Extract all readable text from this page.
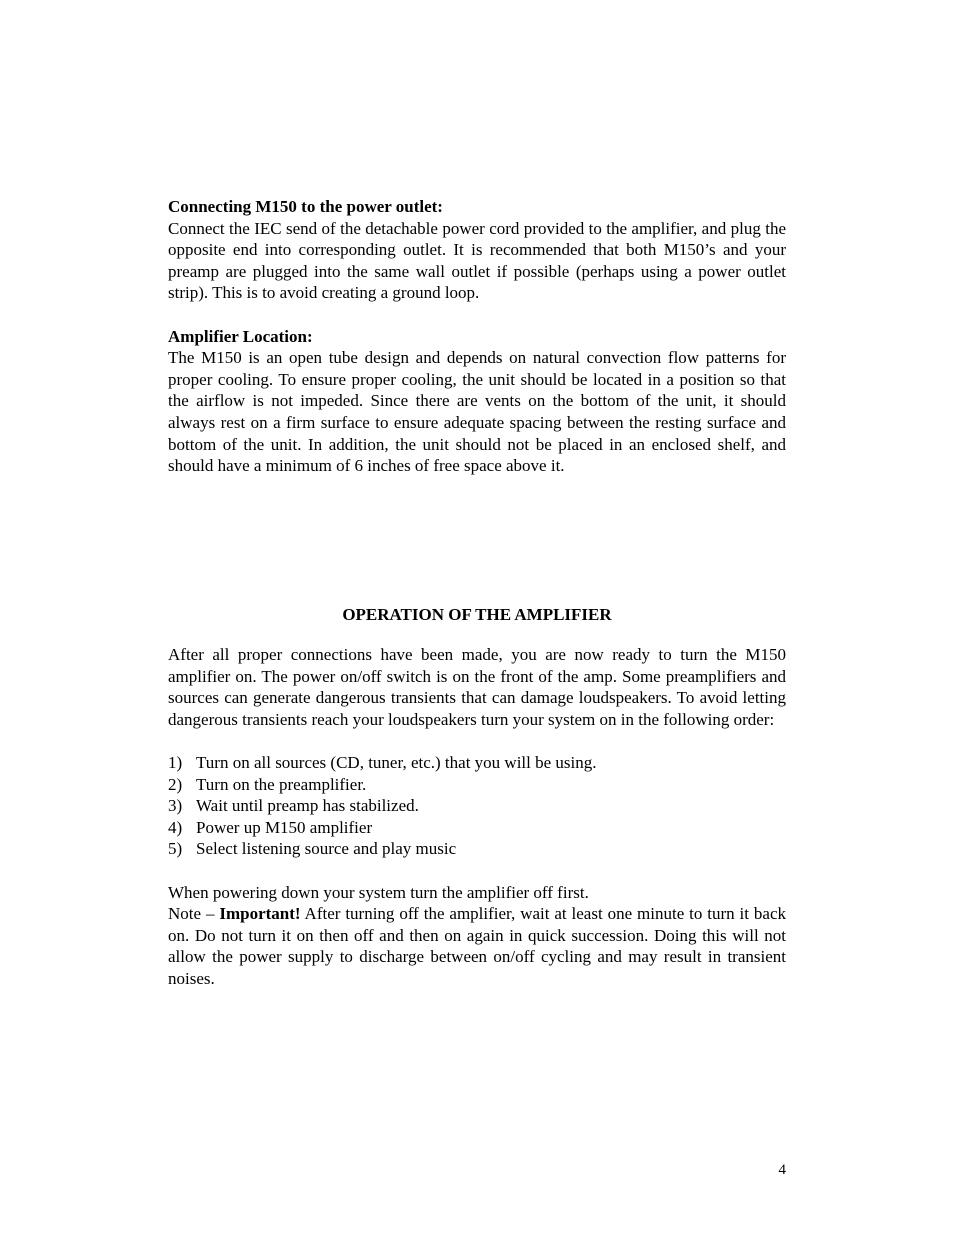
Connecting M150 to the power outlet:

Connect the IEC send of the detachable power cord provided to the amplifier, and plug the opposite end into corresponding outlet. It is recommended that both M150’s and your preamp are plugged into the same wall outlet if possible (perhaps using a power outlet strip). This is to avoid creating a ground loop.

Amplifier Location:

The M150 is an open tube design and depends on natural convection flow patterns for proper cooling. To ensure proper cooling, the unit should be located in a position so that the airflow is not impeded. Since there are vents on the bottom of the unit, it should always rest on a firm surface to ensure adequate spacing between the resting surface and bottom of the unit. In addition, the unit should not be placed in an enclosed shelf, and should have a minimum of 6 inches of free space above it.

OPERATION OF THE AMPLIFIER

After all proper connections have been made, you are now ready to turn the M150 amplifier on. The power on/off switch is on the front of the amp. Some preamplifiers and sources can generate dangerous transients that can damage loudspeakers. To avoid letting dangerous transients reach your loudspeakers turn your system on in the following order:

1) Turn on all sources (CD, tuner, etc.) that you will be using.
2) Turn on the preamplifier.
3) Wait until preamp has stabilized.
4) Power up M150 amplifier
5) Select listening source and play music

When powering down your system turn the amplifier off first.

Note – Important! After turning off the amplifier, wait at least one minute to turn it back on. Do not turn it on then off and then on again in quick succession. Doing this will not allow the power supply to discharge between on/off cycling and may result in transient noises.

4
